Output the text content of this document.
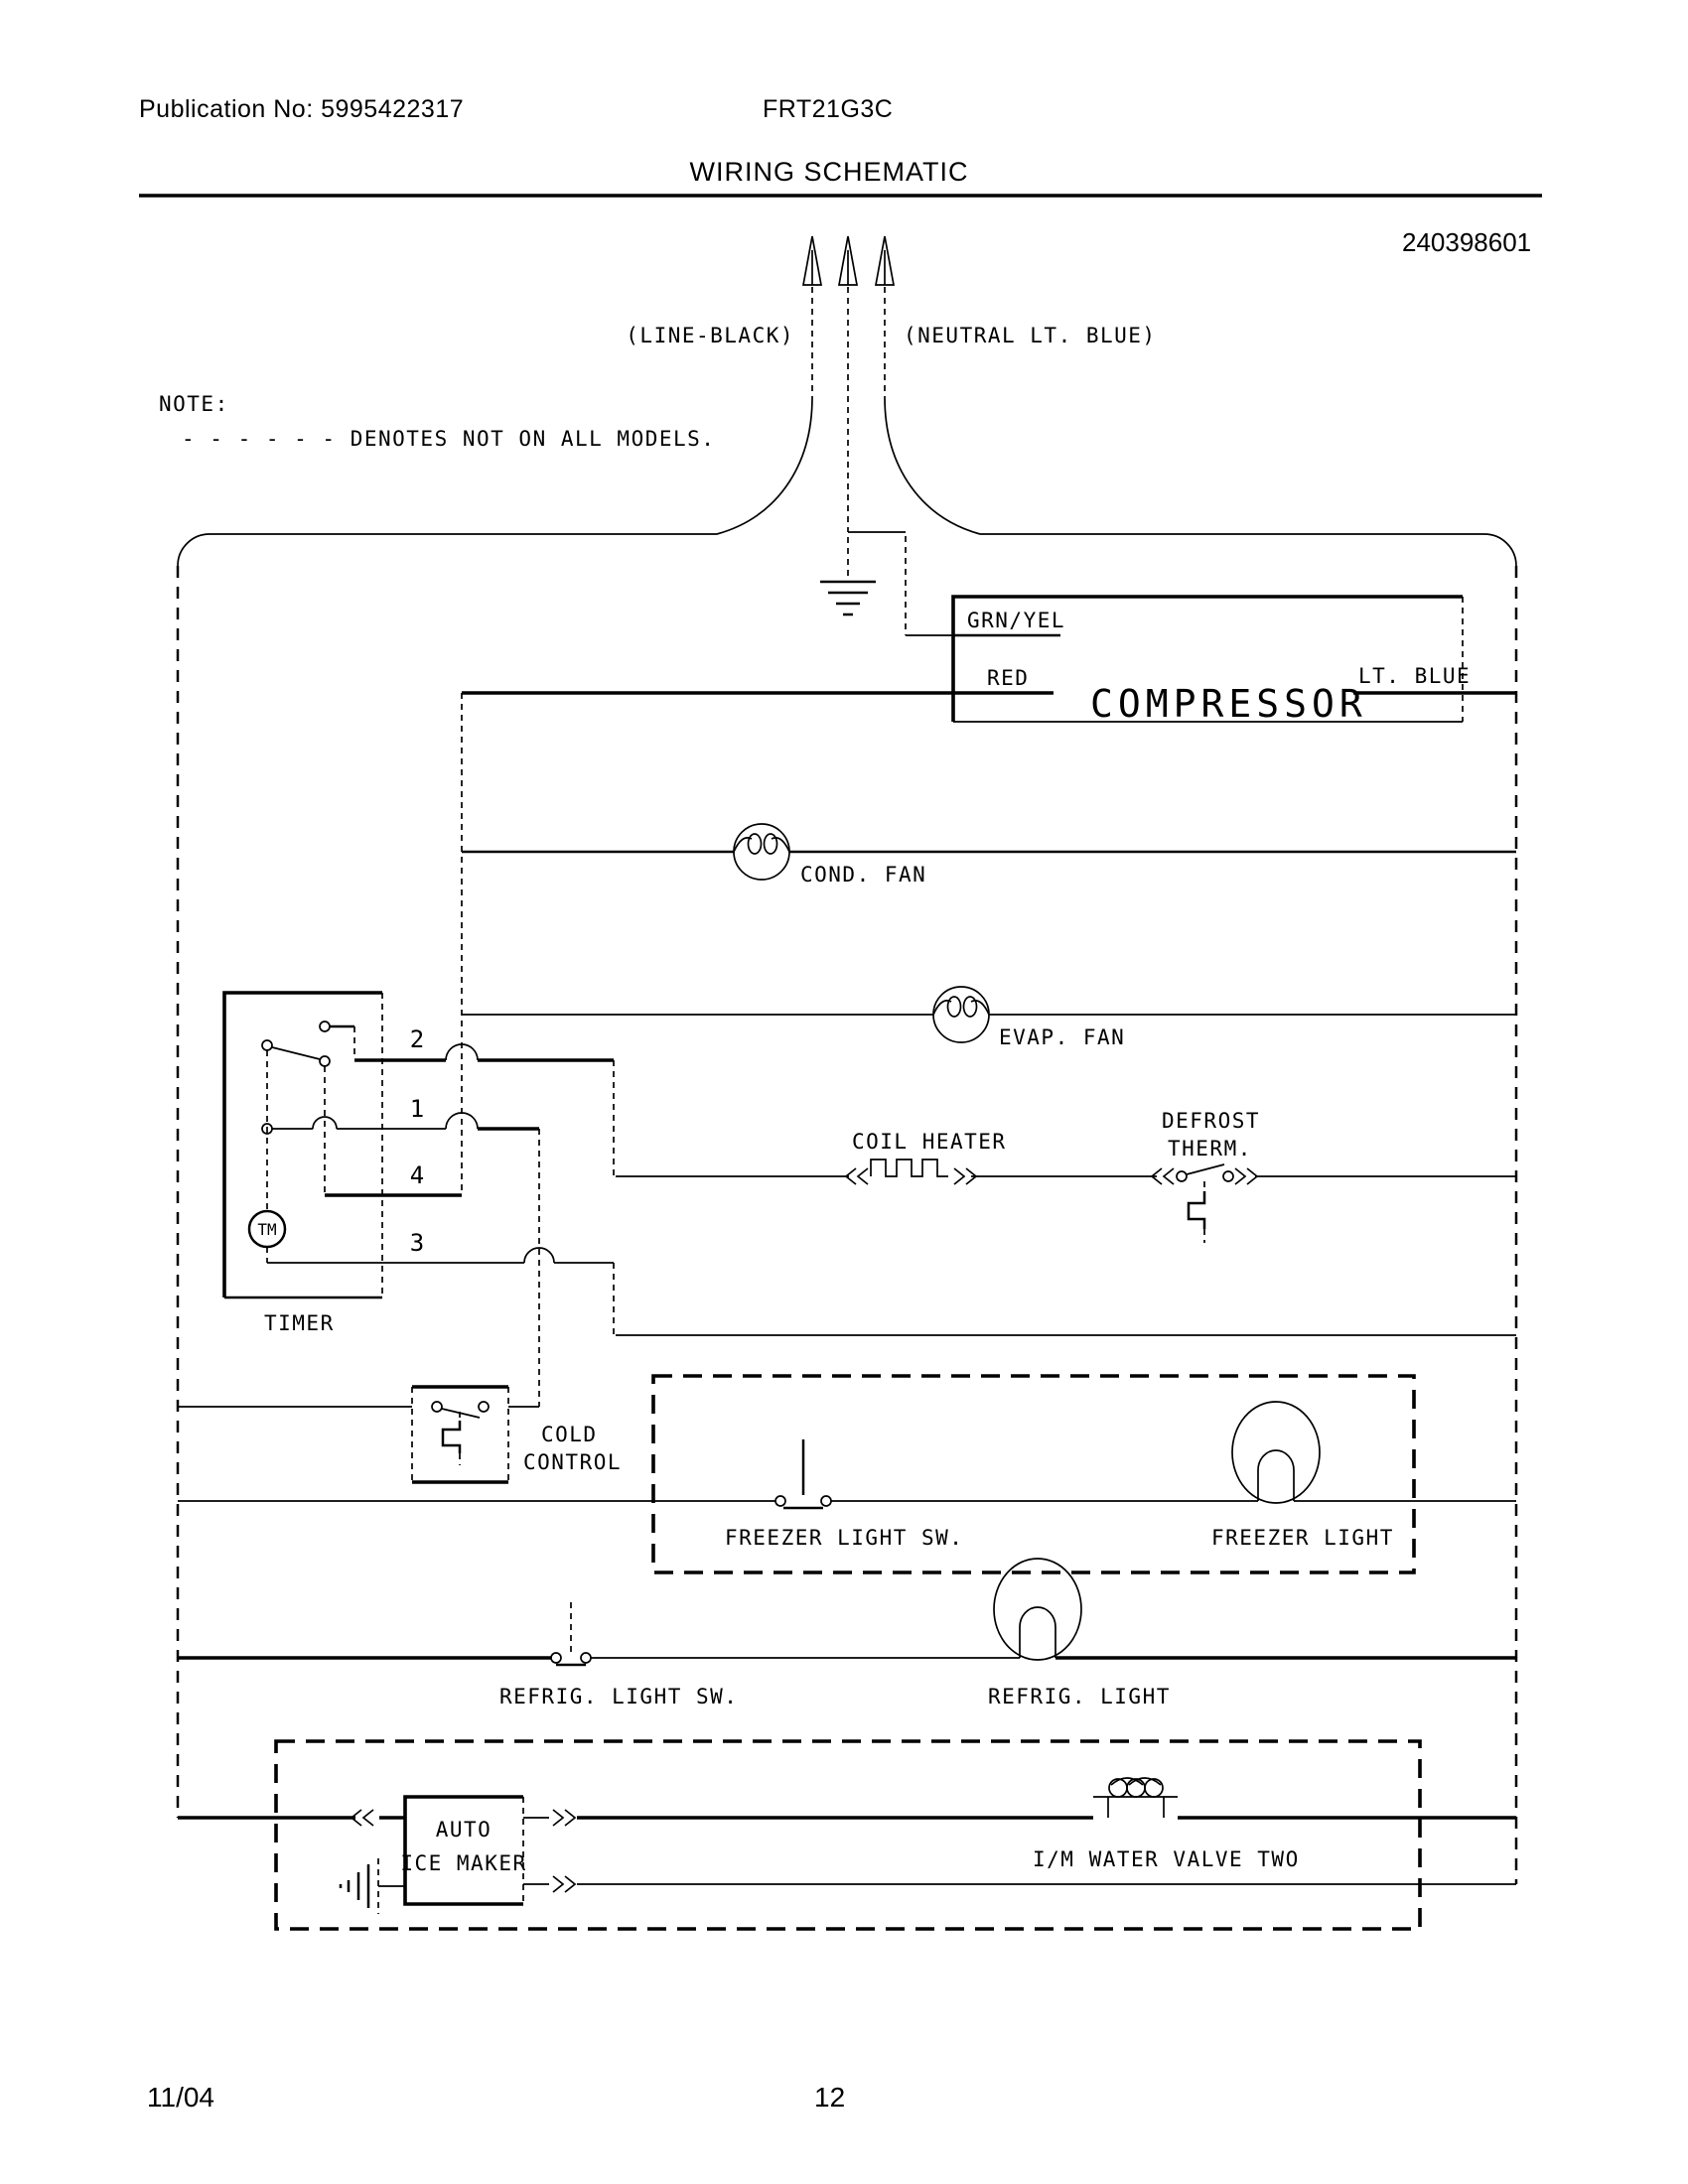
Publication No: 5995422317	FRT21G3C
WIRING SCHEMATIC
240398601
NOTE:
- - - - - - DENOTES NOT ON ALL MODELS.
(LINE-BLACK)	(NEUTRAL LT. BLUE)
GRN/YEL
RED
COMPRESSOR
LT. BLUE
COND. FAN
EVAP. FAN
TIMER
TM
2
1
4
3
COIL HEATER
DEFROST
THERM.
COLD
CONTROL
FREEZER LIGHT SW.	FREEZER LIGHT
REFRIG. LIGHT SW.	REFRIG. LIGHT
AUTO
ICE MAKER	I/M WATER VALVE TWO
11/04	12
